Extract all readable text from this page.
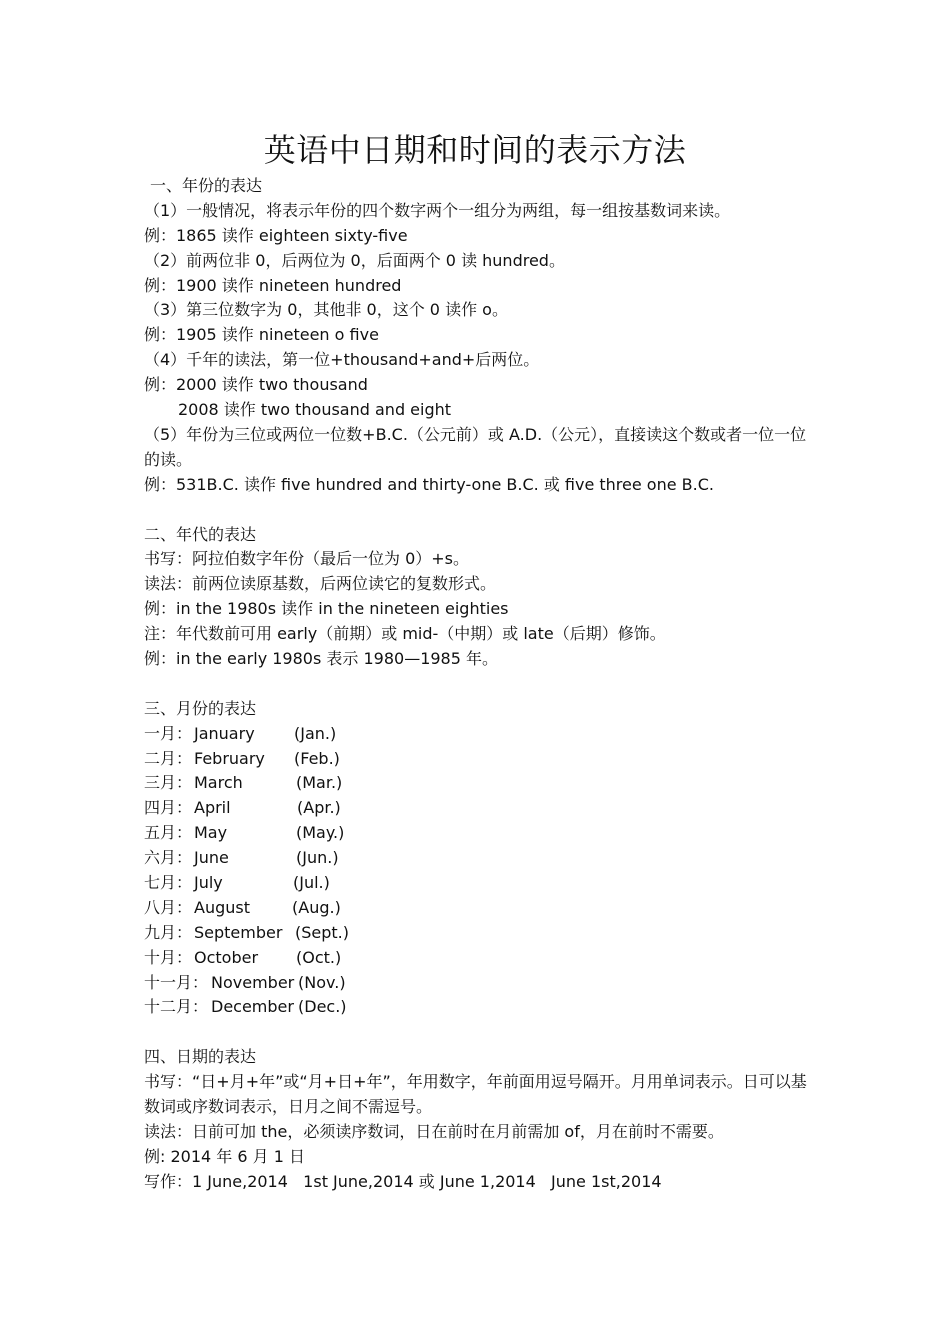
英语中日期和时间的表示方法
一、年份的表达
（1）一般情况，将表示年份的四个数字两个一组分为两组，每一组按基数词来读。
例：1865 读作 eighteen sixty-five
（2）前两位非 0，后两位为 0，后面两个 0 读 hundred。
例：1900 读作 nineteen hundred
（3）第三位数字为 0，其他非 0，这个 0 读作 o。
例：1905 读作 nineteen o five
（4）千年的读法，第一位+thousand+and+后两位。
例：2000 读作 two thousand
2008 读作 two thousand and eight
（5）年份为三位或两位一位数+B.C.（公元前）或 A.D.（公元），直接读这个数或者一位一位的读。
例：531B.C. 读作 five hundred and thirty-one B.C. 或 five three one B.C.
二、年代的表达
书写：阿拉伯数字年份（最后一位为 0）+s。
读法：前两位读原基数，后两位读它的复数形式。
例：in the 1980s 读作 in the nineteen eighties
注：年代数前可用 early（前期）或 mid-（中期）或 late（后期）修饰。
例：in the early 1980s 表示 1980—1985 年。
三、月份的表达
一月： January	(Jan.)
二月： February	(Feb.)
三月： March	(Mar.)
四月： April	(Apr.)
五月： May	(May.)
六月： June	(Jun.)
七月： July	(Jul.)
八月： August	(Aug.)
九月： September (Sept.)
十月： October	(Oct.)
十一月： November (Nov.)
十二月： December (Dec.)
四、日期的表达
书写：“日+月+年”或“月+日+年”，年用数字，年前面用逗号隔开。月用单词表示。日可以基数词或序数词表示，日月之间不需逗号。
读法：日前可加 the，必须读序数词，日在前时在月前需加 of，月在前时不需要。
例: 2014 年 6 月 1 日
写作：1 June,2014   1st June,2014 或 June 1,2014   June 1st,2014
